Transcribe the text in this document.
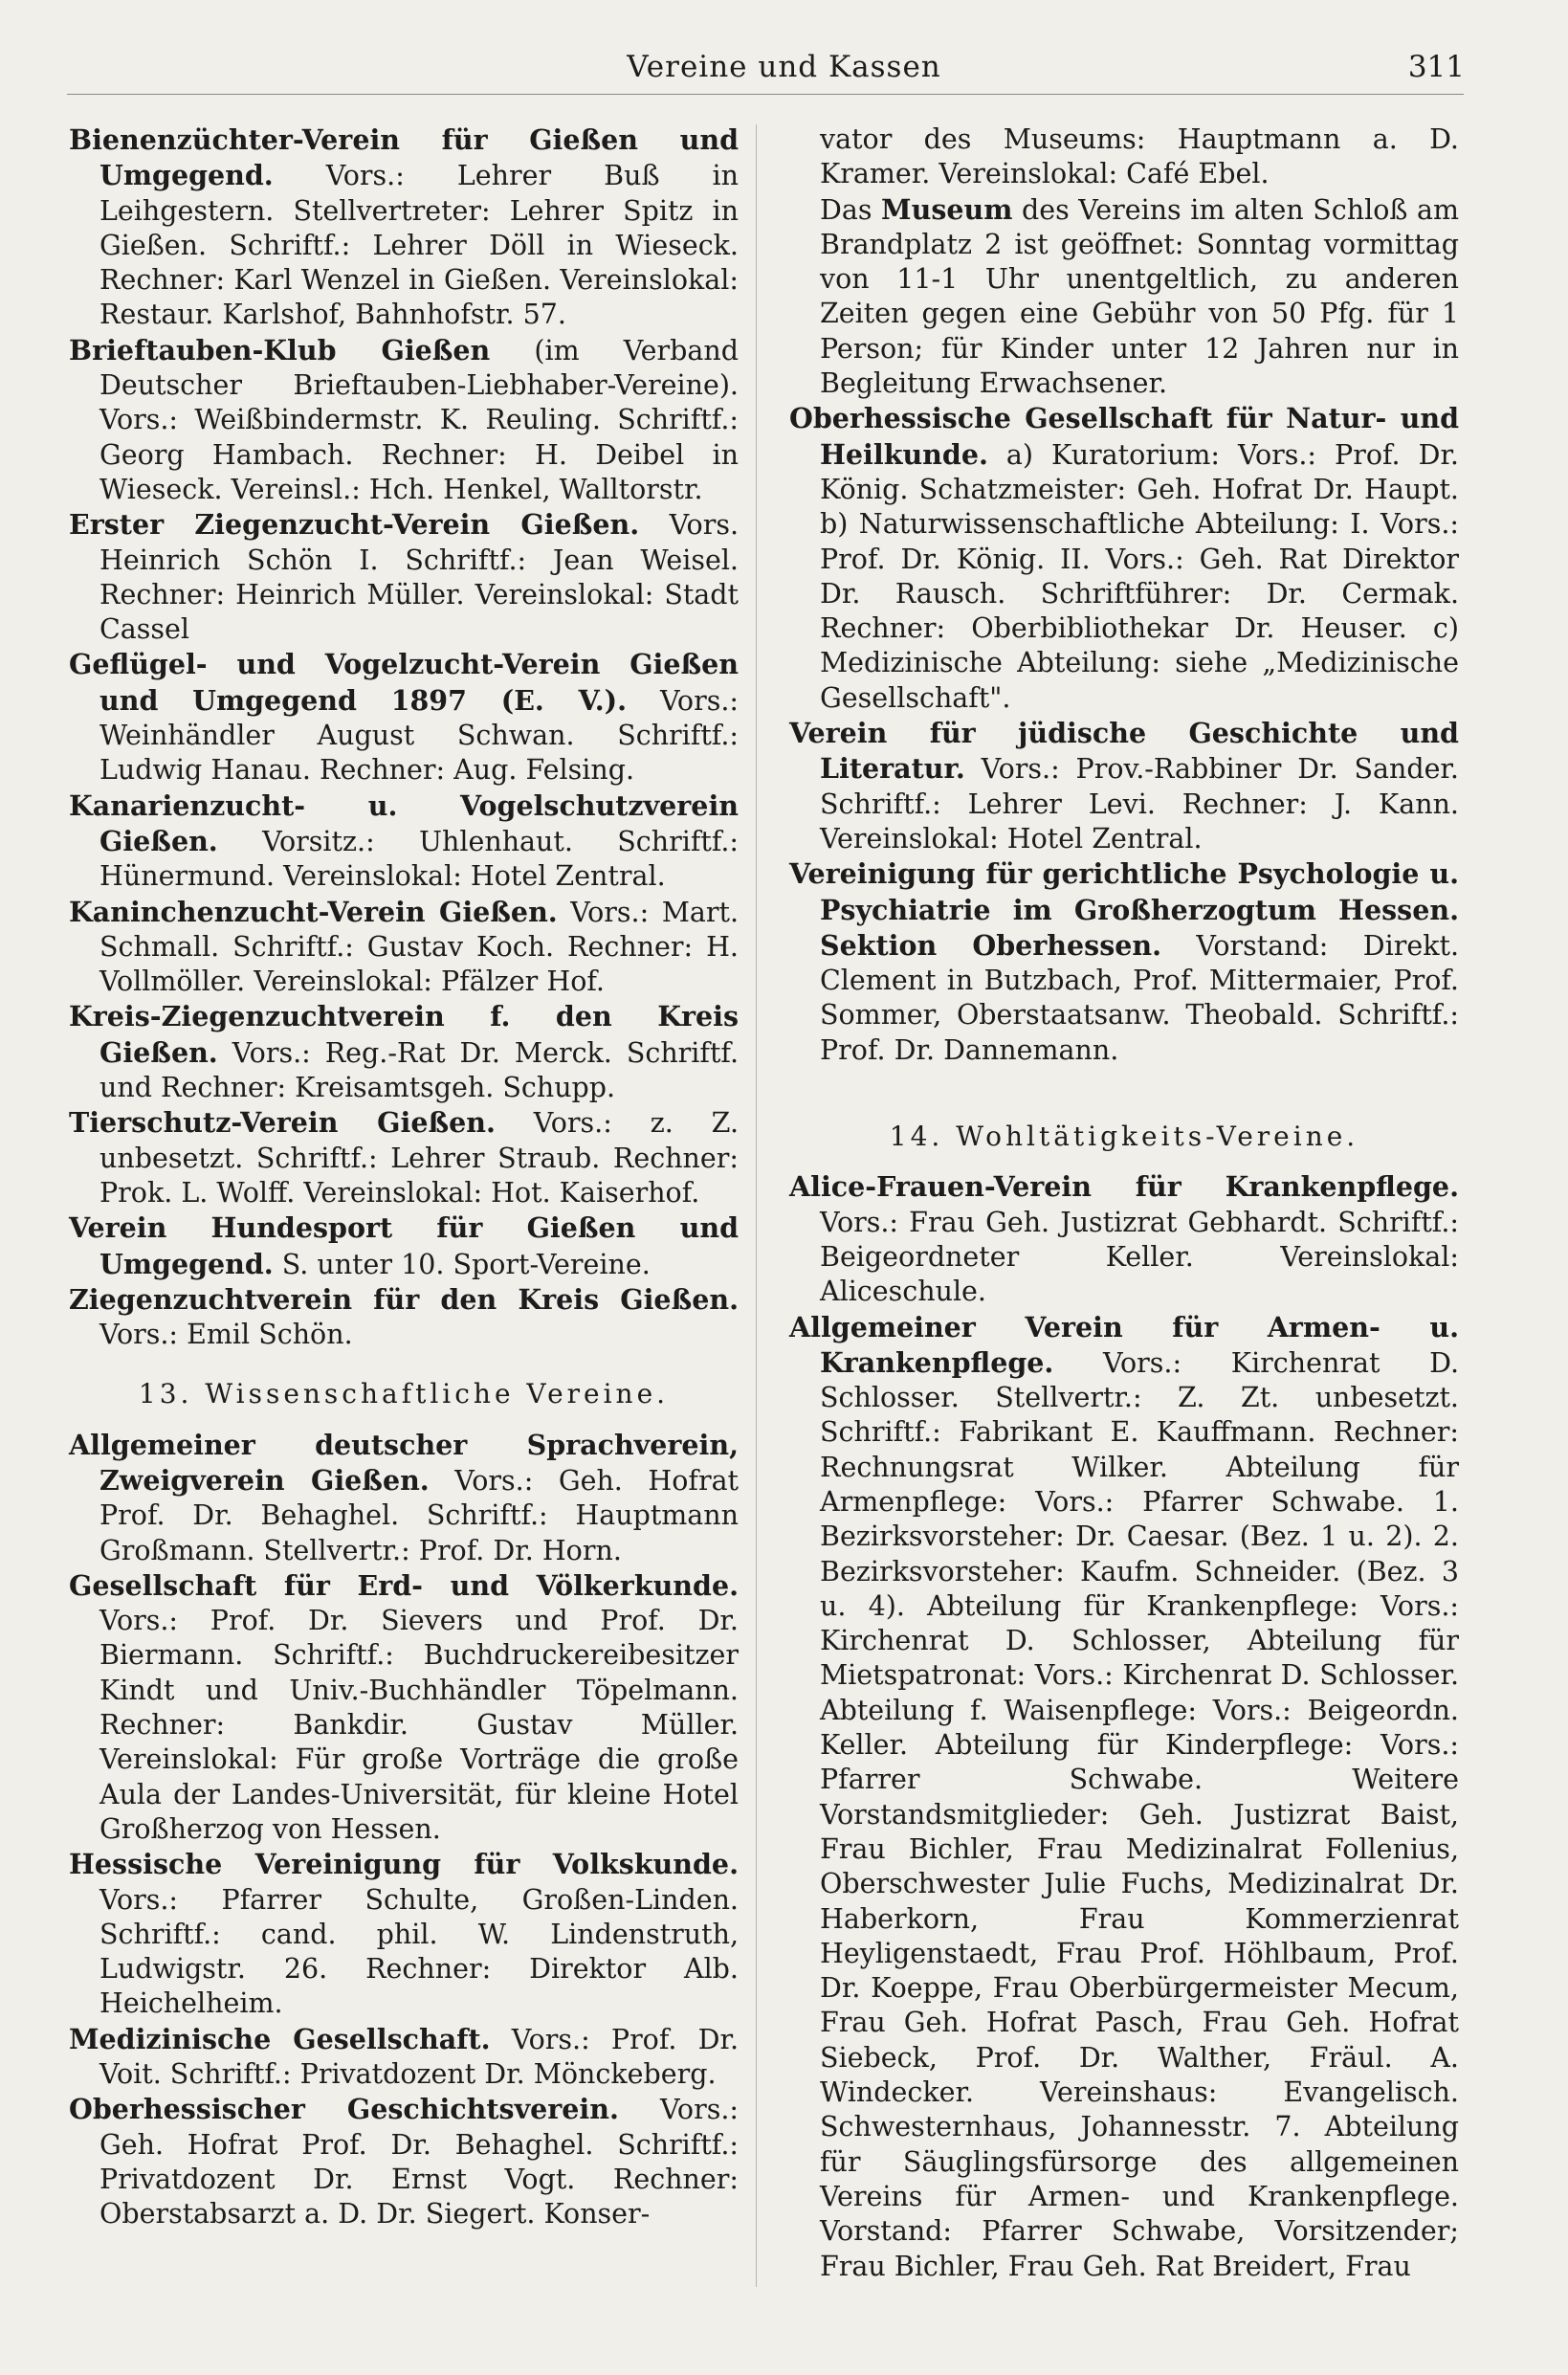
Vereine und Kassen	311

Bienenzüchter-Verein für Gießen und Umgegend. Vors.: Lehrer Buß in Leihgestern. Stellvertreter: Lehrer Spitz in Gießen. Schriftf.: Lehrer Döll in Wieseck. Rechner: Karl Wenzel in Gießen. Vereinslokal: Restaur. Karlshof, Bahnhofstr. 57.

Brieftauben-Klub Gießen (im Verband Deutscher Brieftauben-Liebhaber-Vereine). Vors.: Weißbindermstr. K. Reuling. Schriftf.: Georg Hambach. Rechner: H. Deibel in Wieseck. Vereinsl.: Hch. Henkel, Walltorstr.

Erster Ziegenzucht-Verein Gießen. Vors. Heinrich Schön I. Schriftf.: Jean Weisel. Rechner: Heinrich Müller. Vereinslokal: Stadt Cassel

Geflügel- und Vogelzucht-Verein Gießen und Umgegend 1897 (E. V.). Vors.: Weinhändler August Schwan. Schriftf.: Ludwig Hanau. Rechner: Aug. Felsing.

Kanarienzucht- u. Vogelschutzverein Gießen. Vorsitz.: Uhlenhaut. Schriftf.: Hünermund. Vereinslokal: Hotel Zentral.

Kaninchenzucht-Verein Gießen. Vors.: Mart. Schmall. Schriftf.: Gustav Koch. Rechner: H. Vollmöller. Vereinslokal: Pfälzer Hof.

Kreis-Ziegenzuchtverein f. den Kreis Gießen. Vors.: Reg.-Rat Dr. Merck. Schriftf. und Rechner: Kreisamtsgeh. Schupp.

Tierschutz-Verein Gießen. Vors.: z. Z. unbesetzt. Schriftf.: Lehrer Straub. Rechner: Prok. L. Wolff. Vereinslokal: Hot. Kaiserhof.

Verein Hundesport für Gießen und Umgegend. S. unter 10. Sport-Vereine.

Ziegenzuchtverein für den Kreis Gießen. Vors.: Emil Schön.

13. Wissenschaftliche Vereine.

Allgemeiner deutscher Sprachverein, Zweigverein Gießen. Vors.: Geh. Hofrat Prof. Dr. Behaghel. Schriftf.: Hauptmann Großmann. Stellvertr.: Prof. Dr. Horn.

Gesellschaft für Erd- und Völkerkunde. Vors.: Prof. Dr. Sievers und Prof. Dr. Biermann. Schriftf.: Buchdruckereibesitzer Kindt und Univ.-Buchhändler Töpelmann. Rechner: Bankdir. Gustav Müller. Vereinslokal: Für große Vorträge die große Aula der Landes-Universität, für kleine Hotel Großherzog von Hessen.

Hessische Vereinigung für Volkskunde. Vors.: Pfarrer Schulte, Großen-Linden. Schriftf.: cand. phil. W. Lindenstruth, Ludwigstr. 26. Rechner: Direktor Alb. Heichelheim.

Medizinische Gesellschaft. Vors.: Prof. Dr. Voit. Schriftf.: Privatdozent Dr. Mönckeberg.

Oberhessischer Geschichtsverein. Vors.: Geh. Hofrat Prof. Dr. Behaghel. Schriftf.: Privatdozent Dr. Ernst Vogt. Rechner: Oberstabsarzt a. D. Dr. Siegert. Konser-

vator des Museums: Hauptmann a. D. Kramer. Vereinslokal: Café Ebel.

Das Museum des Vereins im alten Schloß am Brandplatz 2 ist geöffnet: Sonntag vormittag von 11-1 Uhr unentgeltlich, zu anderen Zeiten gegen eine Gebühr von 50 Pfg. für 1 Person; für Kinder unter 12 Jahren nur in Begleitung Erwachsener.

Oberhessische Gesellschaft für Natur- und Heilkunde. a) Kuratorium: Vors.: Prof. Dr. König. Schatzmeister: Geh. Hofrat Dr. Haupt. b) Naturwissenschaftliche Abteilung: I. Vors.: Prof. Dr. König. II. Vors.: Geh. Rat Direktor Dr. Rausch. Schriftführer: Dr. Cermak. Rechner: Oberbibliothekar Dr. Heuser. c) Medizinische Abteilung: siehe „Medizinische Gesellschaft".

Verein für jüdische Geschichte und Literatur. Vors.: Prov.-Rabbiner Dr. Sander. Schriftf.: Lehrer Levi. Rechner: J. Kann. Vereinslokal: Hotel Zentral.

Vereinigung für gerichtliche Psychologie u. Psychiatrie im Großherzogtum Hessen. Sektion Oberhessen. Vorstand: Direkt. Clement in Butzbach, Prof. Mittermaier, Prof. Sommer, Oberstaatsanw. Theobald. Schriftf.: Prof. Dr. Dannemann.

14. Wohltätigkeits-Vereine.

Alice-Frauen-Verein für Krankenpflege. Vors.: Frau Geh. Justizrat Gebhardt. Schriftf.: Beigeordneter Keller. Vereinslokal: Aliceschule.

Allgemeiner Verein für Armen- u. Krankenpflege. Vors.: Kirchenrat D. Schlosser. Stellvertr.: Z. Zt. unbesetzt. Schriftf.: Fabrikant E. Kauffmann. Rechner: Rechnungsrat Wilker. Abteilung für Armenpflege: Vors.: Pfarrer Schwabe. 1. Bezirksvorsteher: Dr. Caesar. (Bez. 1 u. 2). 2. Bezirksvorsteher: Kaufm. Schneider. (Bez. 3 u. 4). Abteilung für Krankenpflege: Vors.: Kirchenrat D. Schlosser, Abteilung für Mietspatronat: Vors.: Kirchenrat D. Schlosser. Abteilung f. Waisenpflege: Vors.: Beigeordn. Keller. Abteilung für Kinderpflege: Vors.: Pfarrer Schwabe. Weitere Vorstandsmitglieder: Geh. Justizrat Baist, Frau Bichler, Frau Medizinalrat Follenius, Oberschwester Julie Fuchs, Medizinalrat Dr. Haberkorn, Frau Kommerzienrat Heyligenstaedt, Frau Prof. Höhlbaum, Prof. Dr. Koeppe, Frau Oberbürgermeister Mecum, Frau Geh. Hofrat Pasch, Frau Geh. Hofrat Siebeck, Prof. Dr. Walther, Fräul. A. Windecker. Vereinshaus: Evangelisch. Schwesternhaus, Johannesstr. 7. Abteilung für Säuglingsfürsorge des allgemeinen Vereins für Armen- und Krankenpflege. Vorstand: Pfarrer Schwabe, Vorsitzender; Frau Bichler, Frau Geh. Rat Breidert, Frau
